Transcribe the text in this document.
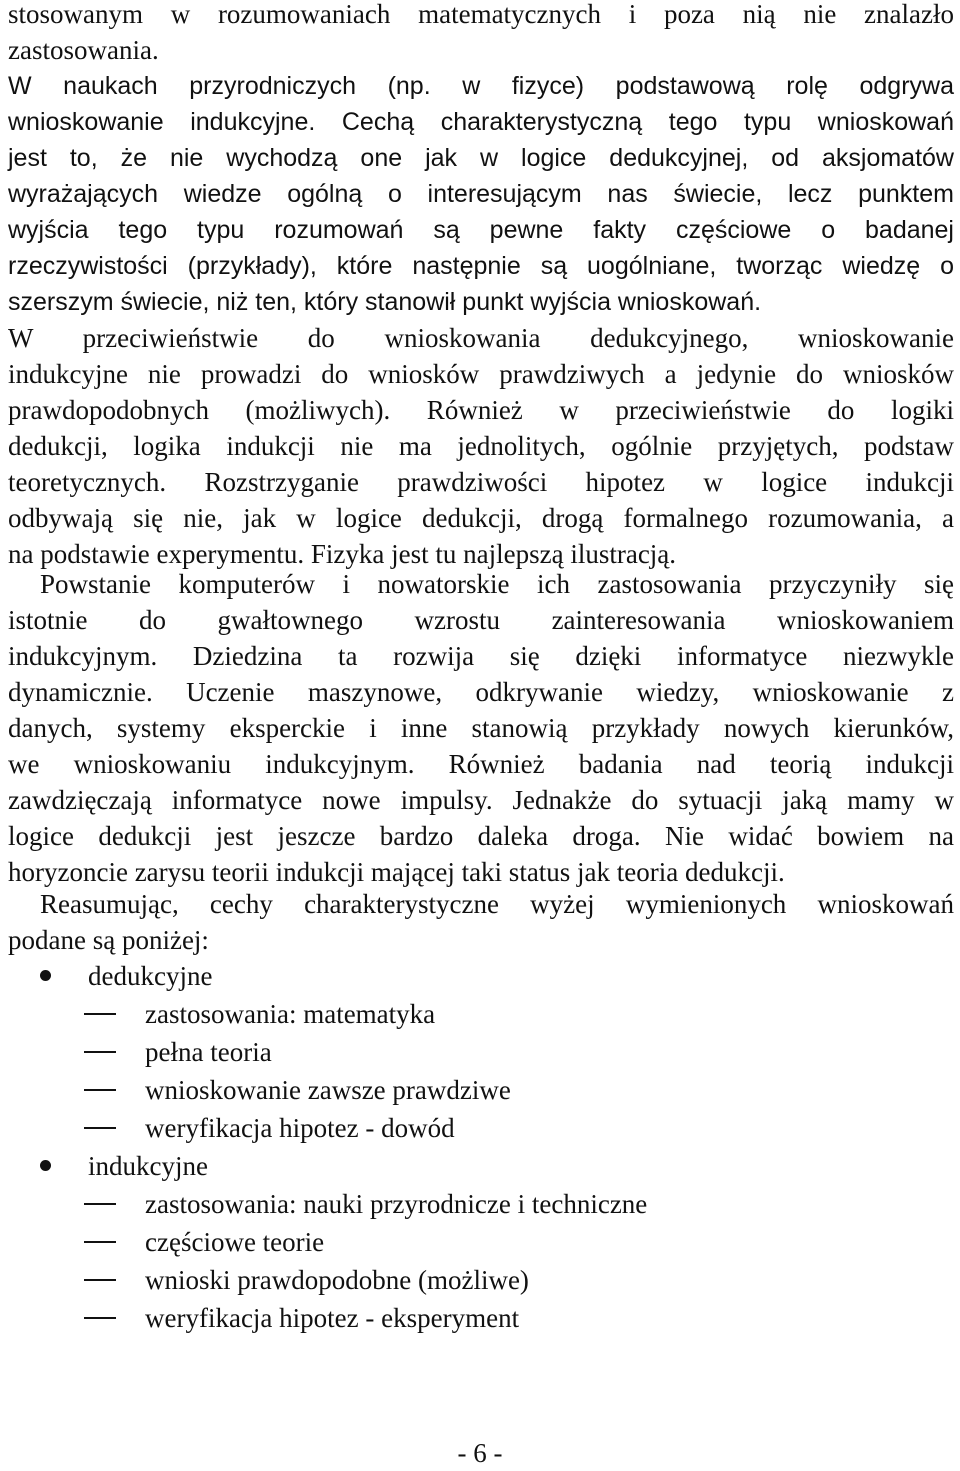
stosowanym w rozumowaniach matematycznych i poza nią nie znalazło
zastosowania.
W naukach przyrodniczych (np. w fizyce) podstawową rolę odgrywa
wnioskowanie indukcyjne. Cechą charakterystyczną tego typu wnioskowań
jest to, że nie wychodzą one jak w logice dedukcyjnej, od aksjomatów
wyrażających wiedze ogólną o interesującym nas świecie, lecz punktem
wyjścia tego typu rozumowań są pewne fakty częściowe o badanej
rzeczywistości (przykłady), które następnie są uogólniane, tworząc wiedzę o
szerszym świecie, niż ten, który stanowił punkt wyjścia wnioskowań.
W przeciwieństwie do wnioskowania dedukcyjnego, wnioskowanie
indukcyjne nie prowadzi do wniosków prawdziwych a jedynie do wniosków
prawdopodobnych (możliwych). Również w przeciwieństwie do logiki
dedukcji, logika indukcji nie ma jednolitych, ogólnie przyjętych, podstaw
teoretycznych. Rozstrzyganie prawdziwości hipotez w logice indukcji
odbywają się nie, jak w logice dedukcji, drogą formalnego rozumowania, a
na podstawie experymentu. Fizyka jest tu najlepszą ilustracją.
Powstanie komputerów i nowatorskie ich zastosowania przyczyniły się
istotnie do gwałtownego wzrostu zainteresowania wnioskowaniem
indukcyjnym. Dziedzina ta rozwija się dzięki informatyce niezwykle
dynamicznie. Uczenie maszynowe, odkrywanie wiedzy, wnioskowanie z
danych, systemy eksperckie i inne stanowią przykłady nowych kierunków,
we wnioskowaniu indukcyjnym. Również badania nad teorią indukcji
zawdzięczają informatyce nowe impulsy. Jednakże do sytuacji jaką mamy w
logice dedukcji jest jeszcze bardzo daleka droga. Nie widać bowiem na
horyzoncie zarysu teorii indukcji mającej taki status jak teoria dedukcji.
Reasumując, cechy charakterystyczne wyżej wymienionych wnioskowań
podane są poniżej:
dedukcyjne
zastosowania: matematyka
pełna teoria
wnioskowanie zawsze prawdziwe
weryfikacja hipotez - dowód
indukcyjne
zastosowania: nauki przyrodnicze i techniczne
częściowe teorie
wnioski prawdopodobne (możliwe)
weryfikacja hipotez - eksperyment
- 6 -
